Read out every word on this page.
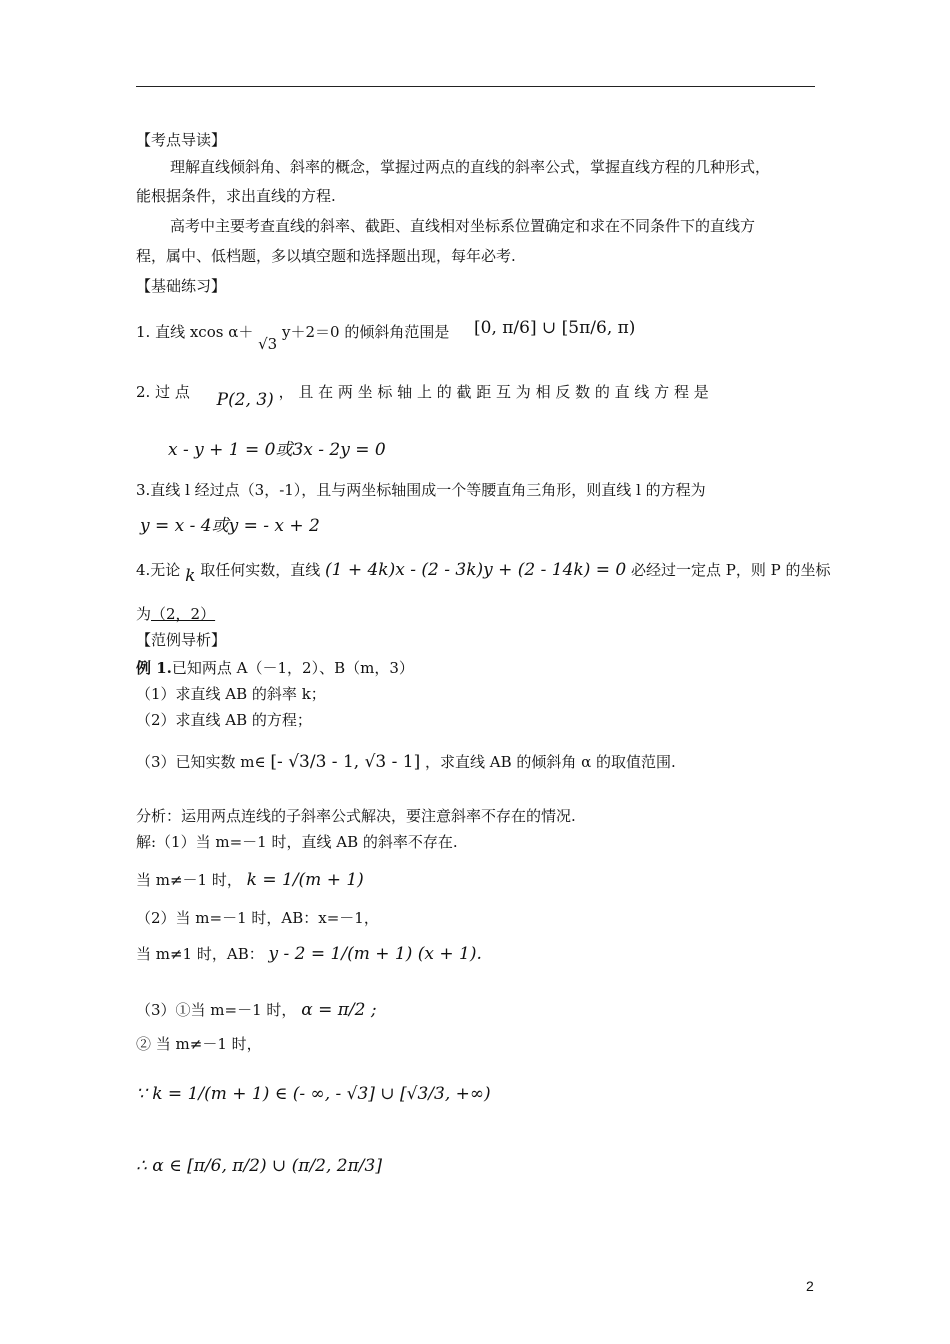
【考点导读】
理解直线倾斜角、斜率的概念，掌握过两点的直线的斜率公式，掌握直线方程的几种形式，
能根据条件，求出直线的方程.
高考中主要考查直线的斜率、截距、直线相对坐标系位置确定和求在不同条件下的直线方
程，属中、低档题，多以填空题和选择题出现，每年必考.
【基础练习】
1. 直线 xcos α＋ √3 y＋2＝0 的倾斜角范围是 [0, π/6] ∪ [5π/6, π)
2. 过 点 P(2, 3) ， 且 在 两 坐 标 轴 上 的 截 距 互 为 相 反 数 的 直 线 方 程 是
x - y + 1 = 0或3x - 2y = 0
3.直线 l 经过点（3，-1），且与两坐标轴围成一个等腰直角三角形，则直线 l 的方程为
y = x - 4或y = - x + 2
4.无论 k 取任何实数，直线 (1 + 4k)x - (2 - 3k)y + (2 - 14k) = 0 必经过一定点 P，则 P 的坐标
为（2，2）
【范例导析】
例 1.已知两点 A（－1，2）、B（m，3）
（1）求直线 AB 的斜率 k；
（2）求直线 AB 的方程；
（3）已知实数 m∈ [- √3/3 - 1, √3 - 1] ，求直线 AB 的倾斜角 α 的取值范围.
分析：运用两点连线的子斜率公式解决，要注意斜率不存在的情况.
解:（1）当 m=－1 时，直线 AB 的斜率不存在.
当 m≠－1 时， k = 1/(m + 1)
（2）当 m=－1 时，AB：x=－1，
当 m≠1 时，AB： y - 2 = 1/(m + 1) (x + 1).
（3）①当 m=－1 时， α = π/2 ;
② 当 m≠－1 时，
∵ k = 1/(m + 1) ∈ (- ∞, - √3] ∪ [√3/3, +∞)
∴ α ∈ [π/6, π/2) ∪ (π/2, 2π/3]
2
